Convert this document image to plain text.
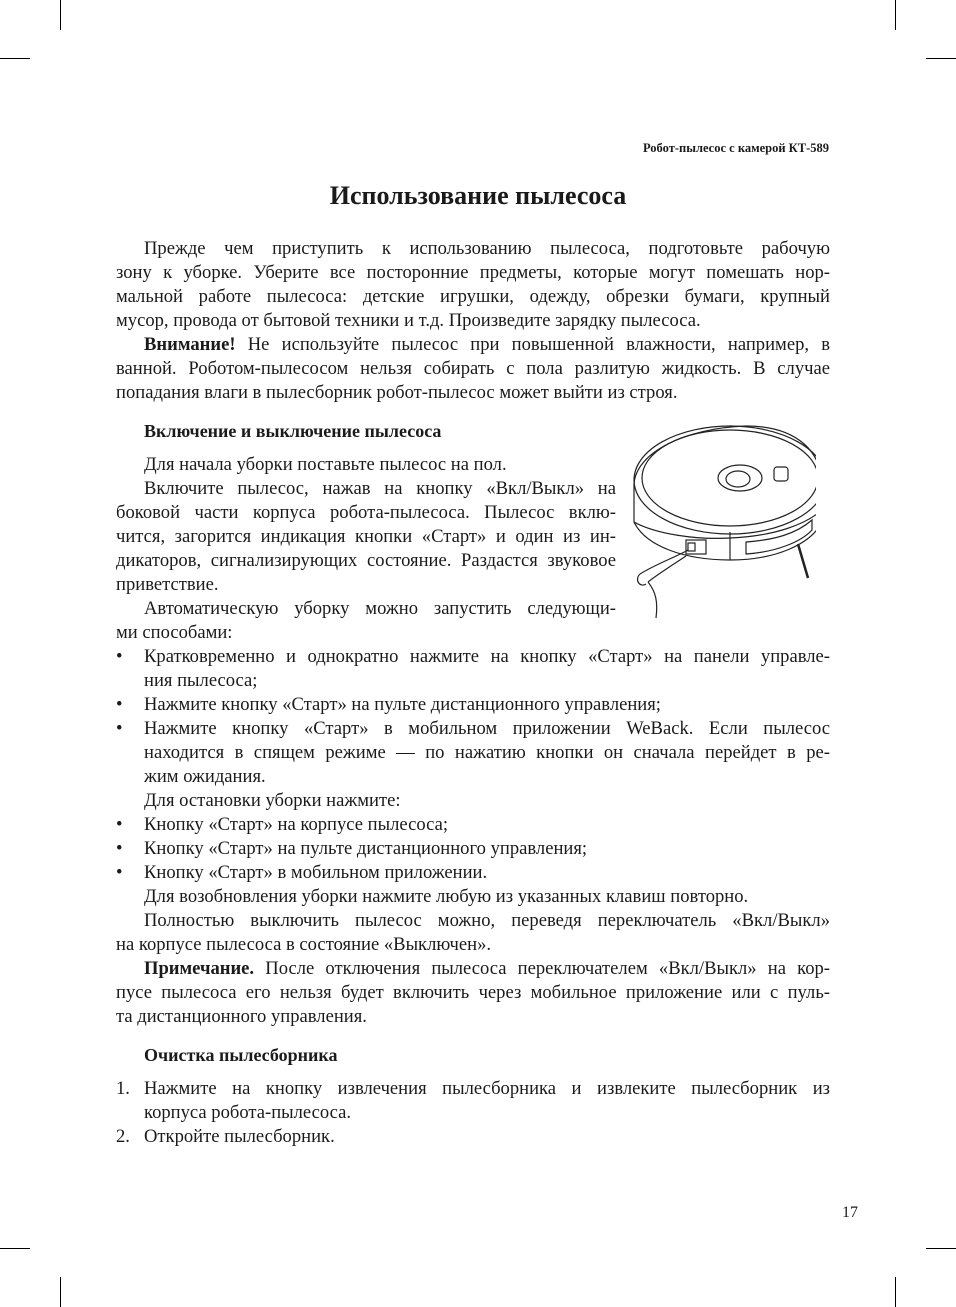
Робот-пылесос с камерой КТ-589
Использование пылесоса
Прежде чем приступить к использованию пылесоса, подготовьте рабочую
зону к уборке. Уберите все посторонние предметы, которые могут помешать нор-
мальной работе пылесоса: детские игрушки, одежду, обрезки бумаги, крупный
мусор, провода от бытовой техники и т.д. Произведите зарядку пылесоса.
Внимание! Не используйте пылесос при повышенной влажности, например, в
ванной. Роботом-пылесосом нельзя собирать с пола разлитую жидкость. В случае
попадания влаги в пылесборник робот-пылесос может выйти из строя.
Включение и выключение пылесоса
Для начала уборки поставьте пылесос на пол.
Включите пылесос, нажав на кнопку «Вкл/Выкл» на
боковой части корпуса робота-пылесоса. Пылесос вклю-
чится, загорится индикация кнопки «Старт» и один из ин-
дикаторов, сигнализирующих состояние. Раздастся звуковое
приветствие.
Автоматическую уборку можно запустить следующи-
ми способами:
•	Кратковременно и однократно нажмите на кнопку «Старт» на панели управле-
ния пылесоса;
•	Нажмите кнопку «Старт» на пульте дистанционного управления;
•	Нажмите кнопку «Старт» в мобильном приложении WeBack. Если пылесос
находится в спящем режиме — по нажатию кнопки он сначала перейдет в ре-
жим ожидания.
Для остановки уборки нажмите:
•	Кнопку «Старт» на корпусе пылесоса;
•	Кнопку «Старт» на пульте дистанционного управления;
•	Кнопку «Старт» в мобильном приложении.
Для возобновления уборки нажмите любую из указанных клавиш повторно.
Полностью выключить пылесос можно, переведя переключатель «Вкл/Выкл»
на корпусе пылесоса в состояние «Выключен».
Примечание. После отключения пылесоса переключателем «Вкл/Выкл» на кор-
пусе пылесоса его нельзя будет включить через мобильное приложение или с пуль-
та дистанционного управления.
Очистка пылесборника
1. Нажмите на кнопку извлечения пылесборника и извлеките пылесборник из
корпуса робота-пылесоса.
2. Откройте пылесборник.
17
